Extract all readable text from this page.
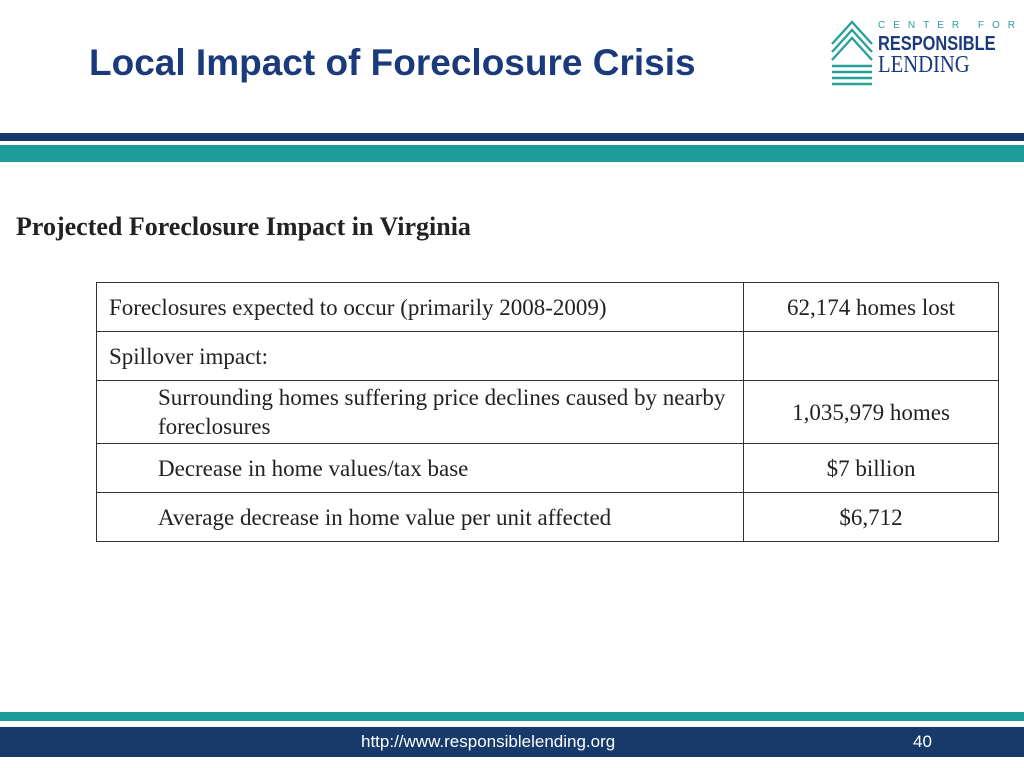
Local Impact of Foreclosure Crisis
CENTER FOR
RESPONSIBLE
LENDING
Projected Foreclosure Impact in Virginia
Foreclosures expected to occur (primarily 2008-2009)	62,174 homes lost
Spillover impact:	
Surrounding homes suffering price declines caused by nearby foreclosures	1,035,979 homes
Decrease in home values/tax base	$7 billion
Average decrease in home value per unit affected	$6,712
http://www.responsiblelending.org	40
